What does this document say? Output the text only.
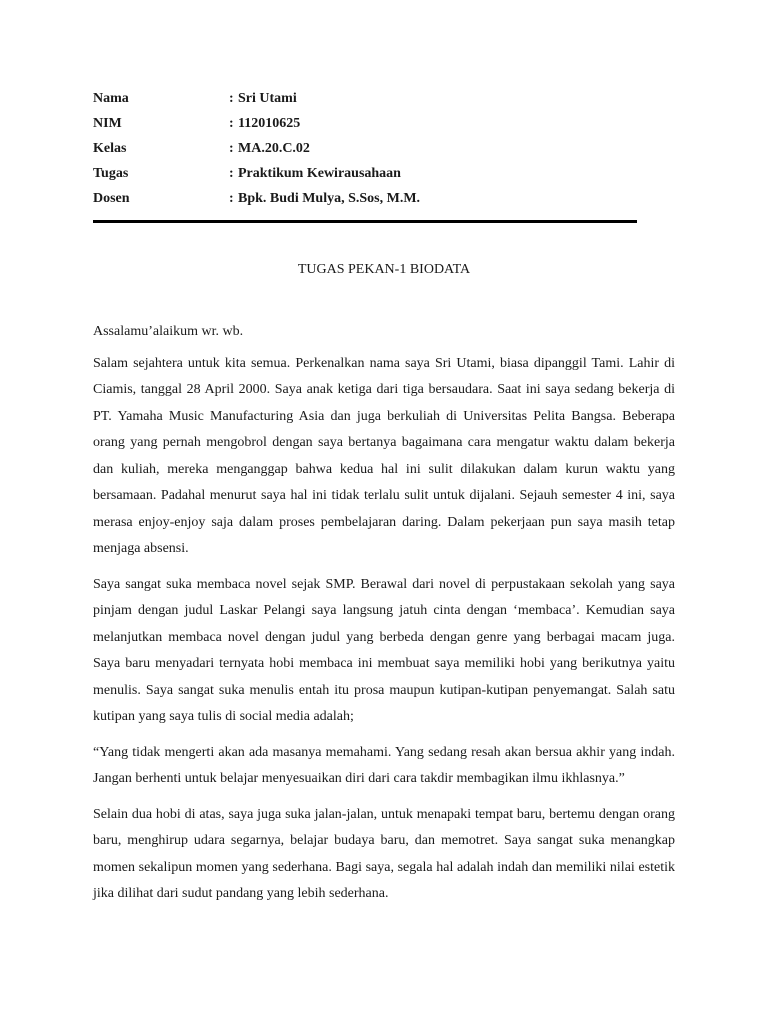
Nama	: Sri Utami
NIM	: 112010625
Kelas	: MA.20.C.02
Tugas	: Praktikum Kewirausahaan
Dosen	: Bpk. Budi Mulya, S.Sos, M.M.
TUGAS PEKAN-1 BIODATA

Assalamu’alaikum wr. wb.

Salam sejahtera untuk kita semua. Perkenalkan nama saya Sri Utami, biasa dipanggil Tami. Lahir di Ciamis, tanggal 28 April 2000. Saya anak ketiga dari tiga bersaudara. Saat ini saya sedang bekerja di PT. Yamaha Music Manufacturing Asia dan juga berkuliah di Universitas Pelita Bangsa. Beberapa orang yang pernah mengobrol dengan saya bertanya bagaimana cara mengatur waktu dalam bekerja dan kuliah, mereka menganggap bahwa kedua hal ini sulit dilakukan dalam kurun waktu yang bersamaan. Padahal menurut saya hal ini tidak terlalu sulit untuk dijalani. Sejauh semester 4 ini, saya merasa enjoy-enjoy saja dalam proses pembelajaran daring. Dalam pekerjaan pun saya masih tetap menjaga absensi.

Saya sangat suka membaca novel sejak SMP. Berawal dari novel di perpustakaan sekolah yang saya pinjam dengan judul Laskar Pelangi saya langsung jatuh cinta dengan ‘membaca’. Kemudian saya melanjutkan membaca novel dengan judul yang berbeda dengan genre yang berbagai macam juga. Saya baru menyadari ternyata hobi membaca ini membuat saya memiliki hobi yang berikutnya yaitu menulis. Saya sangat suka menulis entah itu prosa maupun kutipan-kutipan penyemangat. Salah satu kutipan yang saya tulis di social media adalah;

“Yang tidak mengerti akan ada masanya memahami. Yang sedang resah akan bersua akhir yang indah. Jangan berhenti untuk belajar menyesuaikan diri dari cara takdir membagikan ilmu ikhlasnya.”

Selain dua hobi di atas, saya juga suka jalan-jalan, untuk menapaki tempat baru, bertemu dengan orang baru, menghirup udara segarnya, belajar budaya baru, dan memotret. Saya sangat suka menangkap momen sekalipun momen yang sederhana. Bagi saya, segala hal adalah indah dan memiliki nilai estetik jika dilihat dari sudut pandang yang lebih sederhana.
